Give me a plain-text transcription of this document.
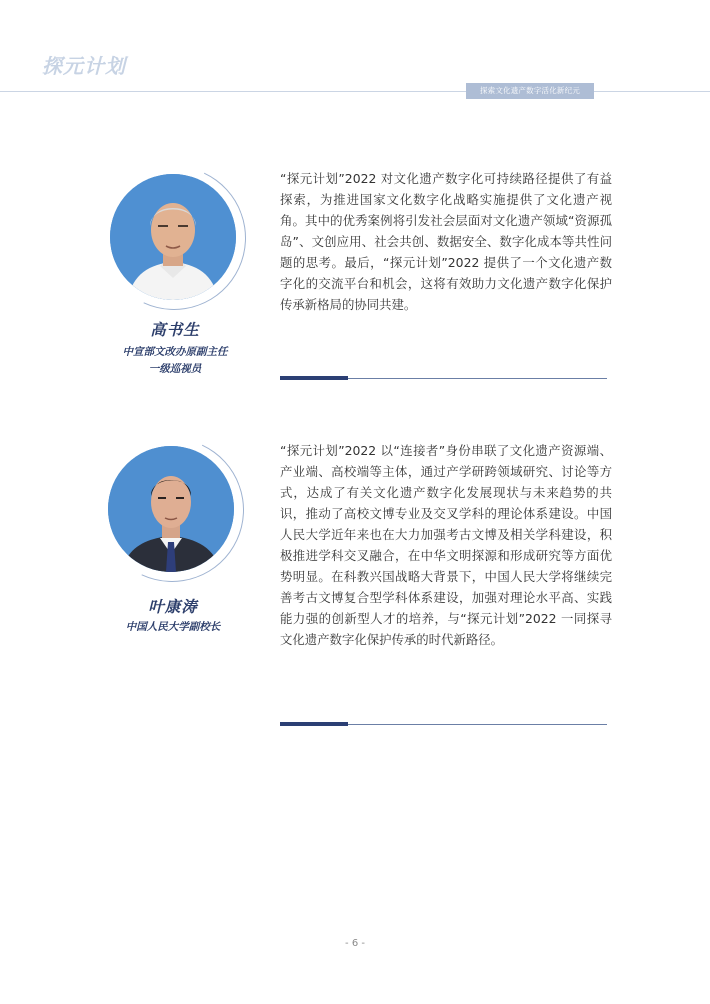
探元计划
探索文化遗产数字活化新纪元
高书生
中宣部文改办原副主任
一级巡视员

“探元计划”2022 对文化遗产数字化可持续路径提供了有益探索，为推进国家文化数字化战略实施提供了文化遗产视角。其中的优秀案例将引发社会层面对文化遗产领域“资源孤岛”、文创应用、社会共创、数据安全、数字化成本等共性问题的思考。最后，“探元计划”2022 提供了一个文化遗产数字化的交流平台和机会，这将有效助力文化遗产数字化保护传承新格局的协同共建。

叶康涛
中国人民大学副校长

“探元计划”2022 以“连接者”身份串联了文化遗产资源端、产业端、高校端等主体，通过产学研跨领域研究、讨论等方式，达成了有关文化遗产数字化发展现状与未来趋势的共识，推动了高校文博专业及交叉学科的理论体系建设。中国人民大学近年来也在大力加强考古文博及相关学科建设，积极推进学科交叉融合，在中华文明探源和形成研究等方面优势明显。在科教兴国战略大背景下，中国人民大学将继续完善考古文博复合型学科体系建设，加强对理论水平高、实践能力强的创新型人才的培养，与“探元计划”2022 一同探寻文化遗产数字化保护传承的时代新路径。

- 6 -
